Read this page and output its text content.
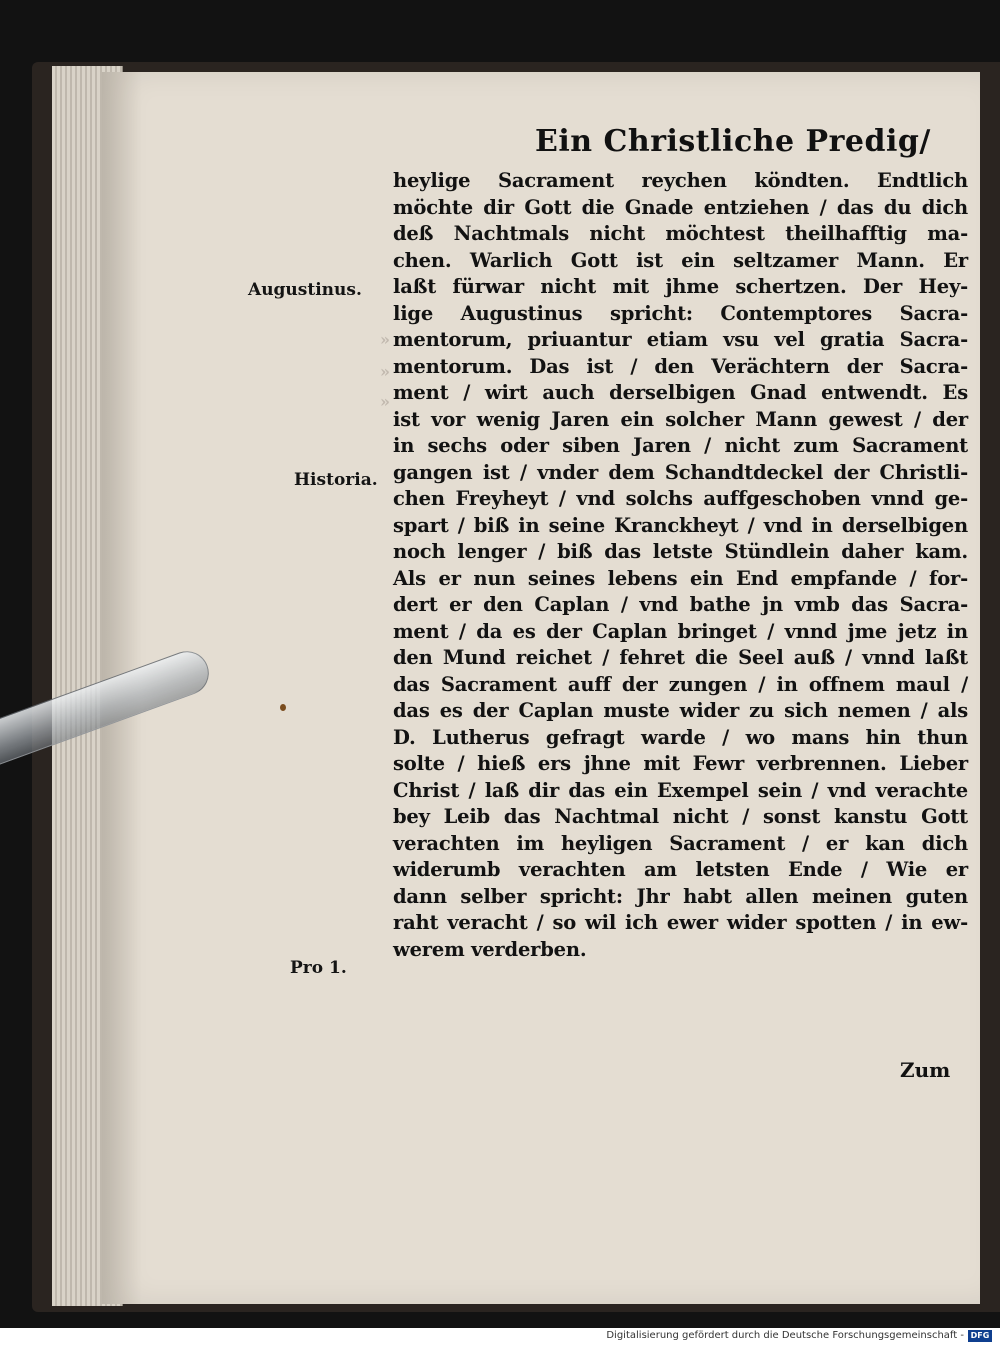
Ein Christliche Predig/
Augustinus.
Historia.
Pro 1.
»
»
»
heylige Sacrament reychen köndten. Endtlich
möchte dir Gott die Gnade entziehen / das du dich
deß Nachtmals nicht möchtest theilhafftig ma-
chen. Warlich Gott ist ein seltzamer Mann. Er
laßt fürwar nicht mit jhme schertzen. Der Hey-
lige Augustinus spricht: Contemptores Sacra-
mentorum, priuantur etiam vsu vel gratia Sacra-
mentorum. Das ist / den Verächtern der Sacra-
ment / wirt auch derselbigen Gnad entwendt. Es
ist vor wenig Jaren ein solcher Mann gewest / der
in sechs oder siben Jaren / nicht zum Sacrament
gangen ist / vnder dem Schandtdeckel der Christli-
chen Freyheyt / vnd solchs auffgeschoben vnnd ge-
spart / biß in seine Kranckheyt / vnd in derselbigen
noch lenger / biß das letste Stündlein daher kam.
Als er nun seines lebens ein End empfande / for-
dert er den Caplan / vnd bathe jn vmb das Sacra-
ment / da es der Caplan bringet / vnnd jme jetz in
den Mund reichet / fehret die Seel auß / vnnd laßt
das Sacrament auff der zungen / in offnem maul /
das es der Caplan muste wider zu sich nemen / als
D. Lutherus gefragt warde / wo mans hin thun
solte / hieß ers jhne mit Fewr verbrennen. Lieber
Christ / laß dir das ein Exempel sein / vnd verachte
bey Leib das Nachtmal nicht / sonst kanstu Gott
verachten im heyligen Sacrament / er kan dich
widerumb verachten am letsten Ende / Wie er
dann selber spricht: Jhr habt allen meinen guten
raht veracht / so wil ich ewer wider spotten / in ew-
werem verderben.
Zum
Digitalisierung gefördert durch die Deutsche Forschungsgemeinschaft - DFG
